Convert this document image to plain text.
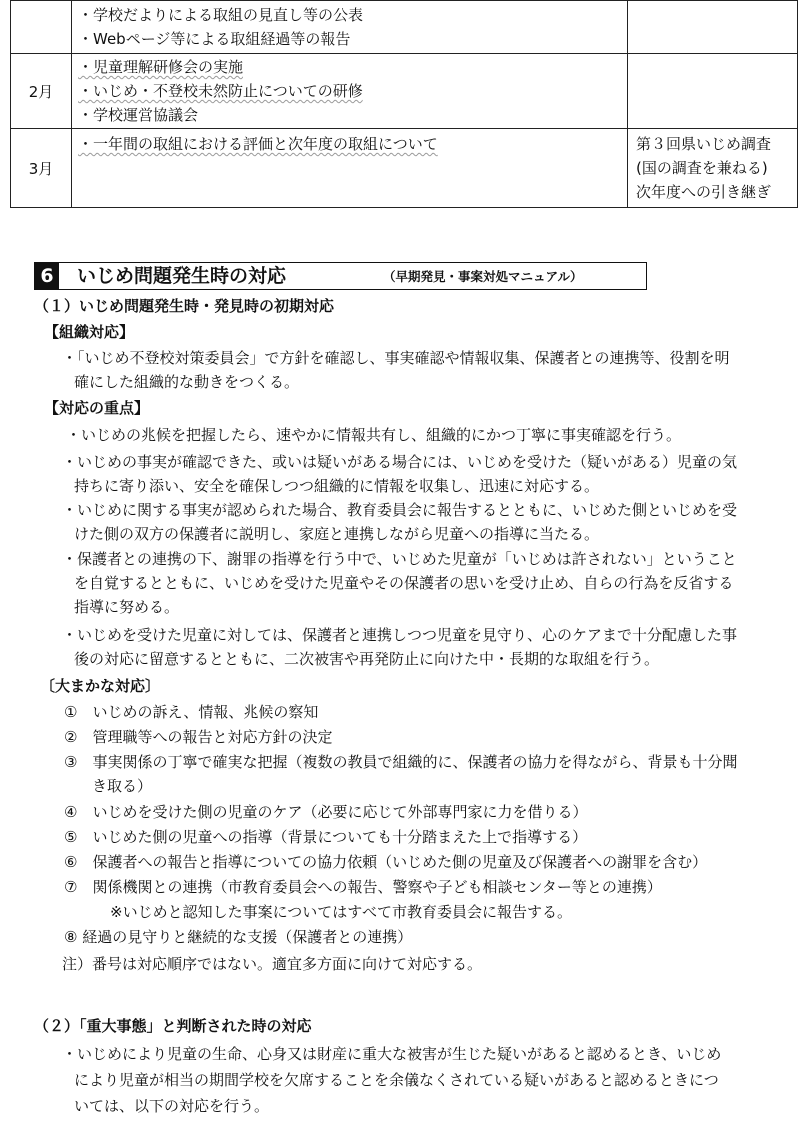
	・学校だよりによる取組の見直し等の公表
・Webページ等による取組経過等の報告	

2月	・児童理解研修会の実施
・いじめ・不登校未然防止についての研修
・学校運営協議会	

3月	・一年間の取組における評価と次年度の取組について	第３回県いじめ調査
(国の調査を兼ねる)
次年度への引き継ぎ
6 いじめ問題発生時の対応	（早期発見・事案対処マニュアル）
（１）いじめ問題発生時・発見時の初期対応
【組織対応】
・「いじめ不登校対策委員会」で方針を確認し、事実確認や情報収集、保護者との連携等、役割を明
確にした組織的な動きをつくる。
【対応の重点】
・いじめの兆候を把握したら、速やかに情報共有し、組織的にかつ丁寧に事実確認を行う。
・いじめの事実が確認できた、或いは疑いがある場合には、いじめを受けた（疑いがある）児童の気
持ちに寄り添い、安全を確保しつつ組織的に情報を収集し、迅速に対応する。
・いじめに関する事実が認められた場合、教育委員会に報告するとともに、いじめた側といじめを受
けた側の双方の保護者に説明し、家庭と連携しながら児童への指導に当たる。
・保護者との連携の下、謝罪の指導を行う中で、いじめた児童が「いじめは許されない」ということ
を自覚するとともに、いじめを受けた児童やその保護者の思いを受け止め、自らの行為を反省する
指導に努める。
・いじめを受けた児童に対しては、保護者と連携しつつ児童を見守り、心のケアまで十分配慮した事
後の対応に留意するとともに、二次被害や再発防止に向けた中・長期的な取組を行う。
〔大まかな対応〕
①　いじめの訴え、情報、兆候の察知
②　管理職等への報告と対応方針の決定
③　事実関係の丁寧で確実な把握（複数の教員で組織的に、保護者の協力を得ながら、背景も十分聞
き取る）
④　いじめを受けた側の児童のケア（必要に応じて外部専門家に力を借りる）
⑤　いじめた側の児童への指導（背景についても十分踏まえた上で指導する）
⑥　保護者への報告と指導についての協力依頼（いじめた側の児童及び保護者への謝罪を含む）
⑦　関係機関との連携（市教育委員会への報告、警察や子ども相談センター等との連携）
※いじめと認知した事案についてはすべて市教育委員会に報告する。
⑧ 経過の見守りと継続的な支援（保護者との連携）
注）番号は対応順序ではない。適宜多方面に向けて対応する。
（２）「重大事態」と判断された時の対応
・いじめにより児童の生命、心身又は財産に重大な被害が生じた疑いがあると認めるとき、いじめ
により児童が相当の期間学校を欠席することを余儀なくされている疑いがあると認めるときにつ
いては、以下の対応を行う。
